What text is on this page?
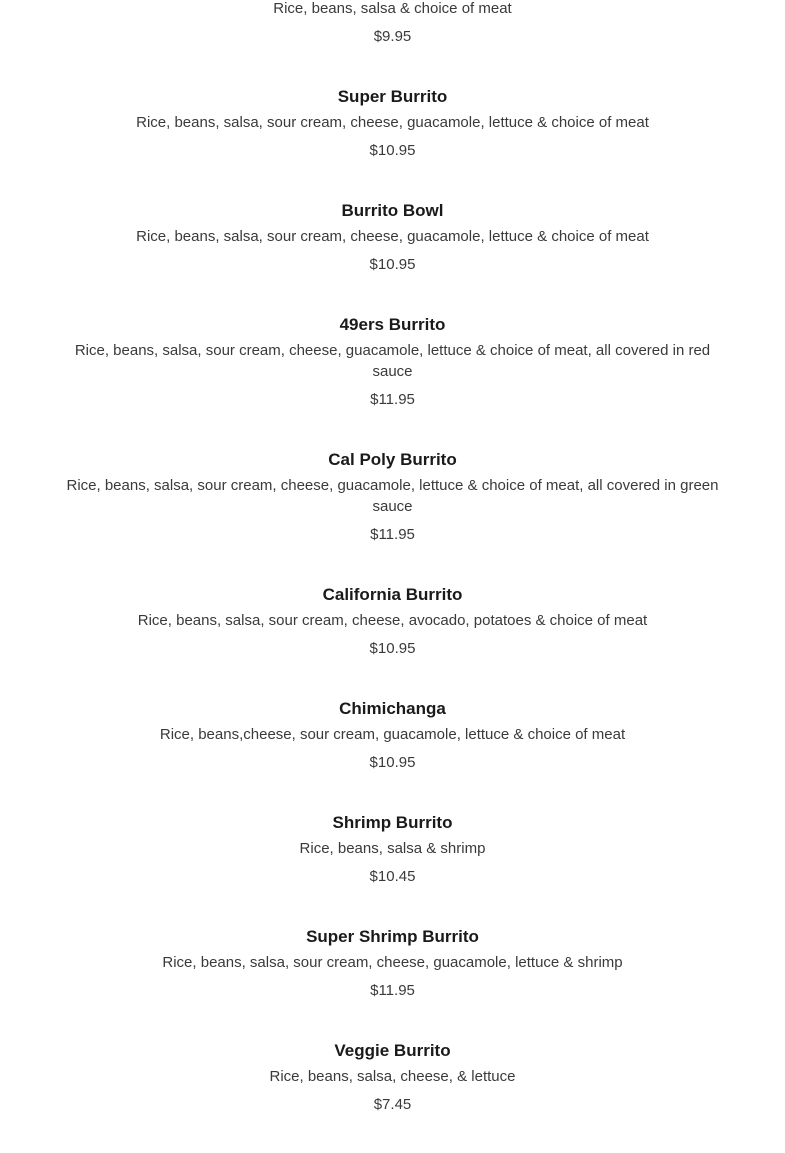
Rice, beans, salsa & choice of meat

$9.95

Super Burrito

Rice, beans, salsa, sour cream, cheese, guacamole, lettuce & choice of meat

$10.95

Burrito Bowl

Rice, beans, salsa, sour cream, cheese, guacamole, lettuce & choice of meat

$10.95

49ers Burrito

Rice, beans, salsa, sour cream, cheese, guacamole, lettuce & choice of meat, all covered in red sauce

$11.95

Cal Poly Burrito

Rice, beans, salsa, sour cream, cheese, guacamole, lettuce & choice of meat, all covered in green sauce

$11.95

California Burrito

Rice, beans, salsa, sour cream, cheese, avocado, potatoes & choice of meat

$10.95

Chimichanga

Rice, beans,cheese, sour cream, guacamole, lettuce & choice of meat

$10.95

Shrimp Burrito

Rice, beans, salsa & shrimp

$10.45

Super Shrimp Burrito

Rice, beans, salsa, sour cream, cheese, guacamole, lettuce & shrimp

$11.95

Veggie Burrito

Rice, beans, salsa, cheese, & lettuce

$7.45
